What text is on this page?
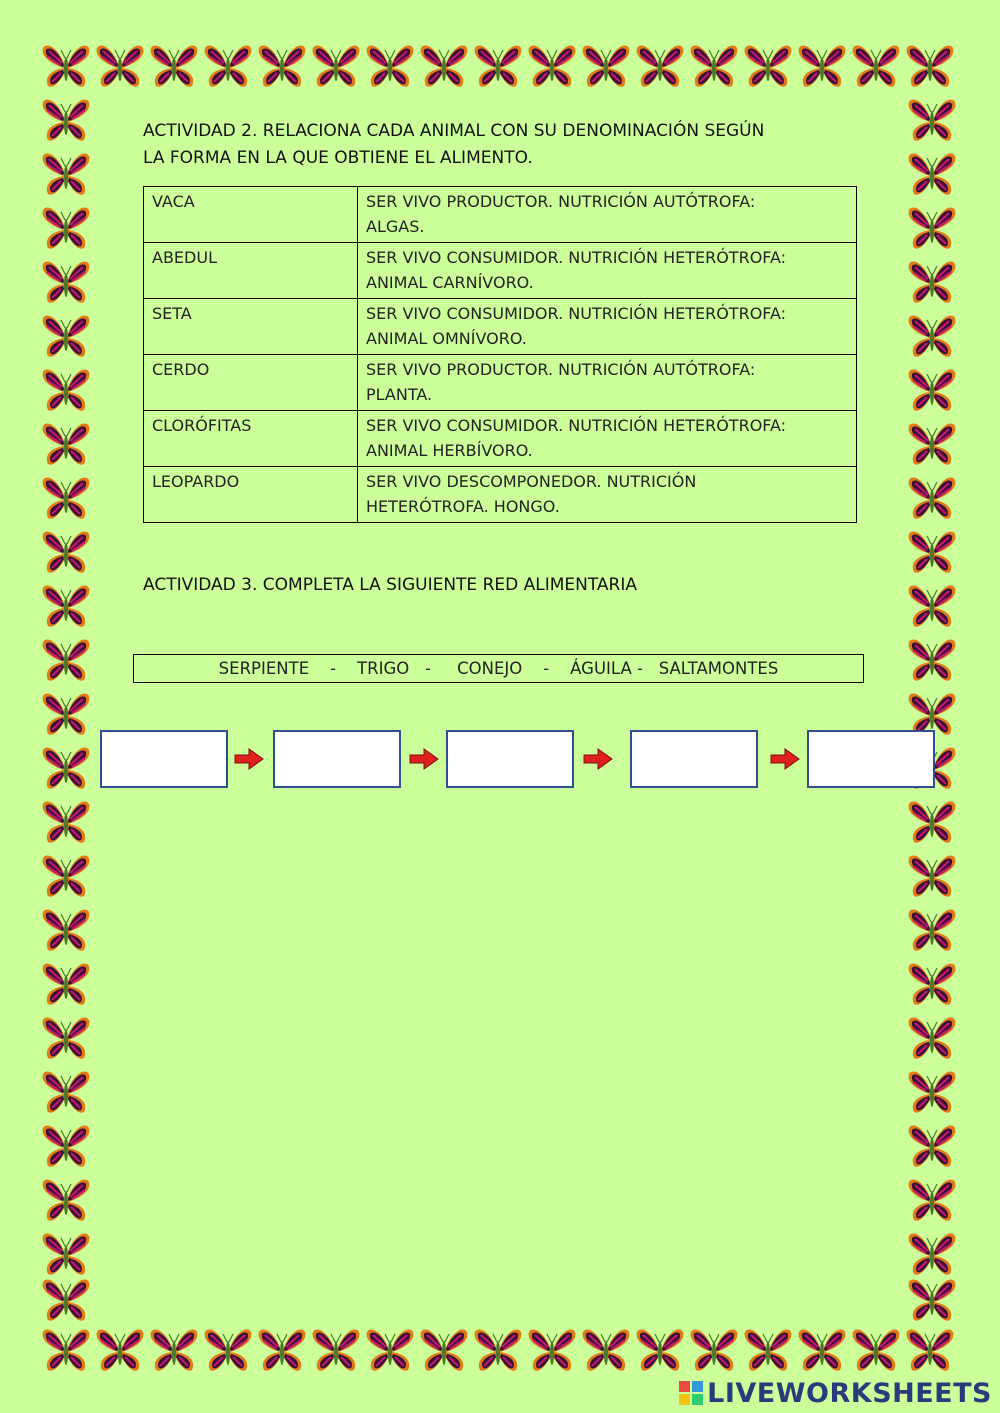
ACTIVIDAD 2. RELACIONA CADA ANIMAL CON SU DENOMINACIÓN SEGÚN
LA FORMA EN LA QUE OBTIENE EL ALIMENTO.
VACA	SER VIVO PRODUCTOR. NUTRICIÓN AUTÓTROFA:
ALGAS.
ABEDUL	SER VIVO CONSUMIDOR. NUTRICIÓN HETERÓTROFA:
ANIMAL CARNÍVORO.
SETA	SER VIVO CONSUMIDOR. NUTRICIÓN HETERÓTROFA:
ANIMAL OMNÍVORO.
CERDO	SER VIVO PRODUCTOR. NUTRICIÓN AUTÓTROFA:
PLANTA.
CLORÓFITAS	SER VIVO CONSUMIDOR. NUTRICIÓN HETERÓTROFA:
ANIMAL HERBÍVORO.
LEOPARDO	SER VIVO DESCOMPONEDOR. NUTRICIÓN
HETERÓTROFA. HONGO.
ACTIVIDAD 3. COMPLETA LA SIGUIENTE RED ALIMENTARIA
SERPIENTE    -    TRIGO   -     CONEJO    -    ÁGUILA -   SALTAMONTES
LIVEWORKSHEETS
